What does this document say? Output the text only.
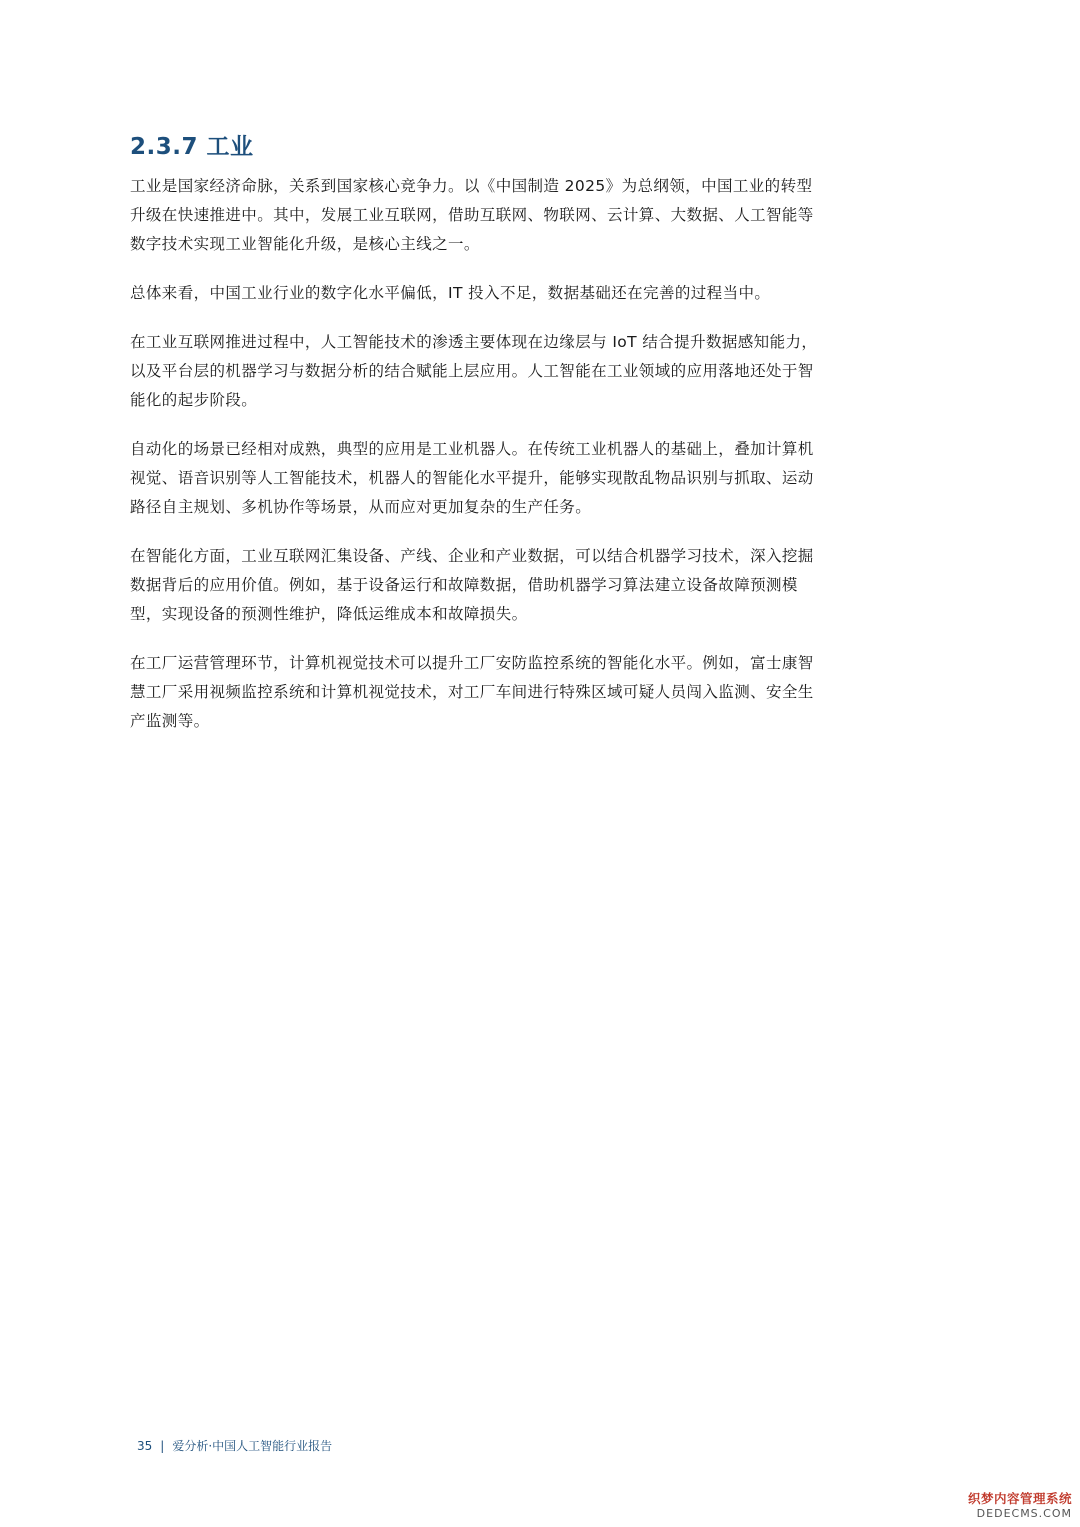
2.3.7 工业

工业是国家经济命脉，关系到国家核心竞争力。以《中国制造 2025》为总纲领，中国工业的转型升级在快速推进中。其中，发展工业互联网，借助互联网、物联网、云计算、大数据、人工智能等数字技术实现工业智能化升级，是核心主线之一。

总体来看，中国工业行业的数字化水平偏低，IT 投入不足，数据基础还在完善的过程当中。

在工业互联网推进过程中，人工智能技术的渗透主要体现在边缘层与 IoT 结合提升数据感知能力，以及平台层的机器学习与数据分析的结合赋能上层应用。人工智能在工业领域的应用落地还处于智能化的起步阶段。

自动化的场景已经相对成熟，典型的应用是工业机器人。在传统工业机器人的基础上，叠加计算机视觉、语音识别等人工智能技术，机器人的智能化水平提升，能够实现散乱物品识别与抓取、运动路径自主规划、多机协作等场景，从而应对更加复杂的生产任务。

在智能化方面，工业互联网汇集设备、产线、企业和产业数据，可以结合机器学习技术，深入挖掘数据背后的应用价值。例如，基于设备运行和故障数据，借助机器学习算法建立设备故障预测模型，实现设备的预测性维护，降低运维成本和故障损失。

在工厂运营管理环节，计算机视觉技术可以提升工厂安防监控系统的智能化水平。例如，富士康智慧工厂采用视频监控系统和计算机视觉技术，对工厂车间进行特殊区域可疑人员闯入监测、安全生产监测等。

35 | 爱分析·中国人工智能行业报告
织梦内容管理系统
DEDECMS.COM
